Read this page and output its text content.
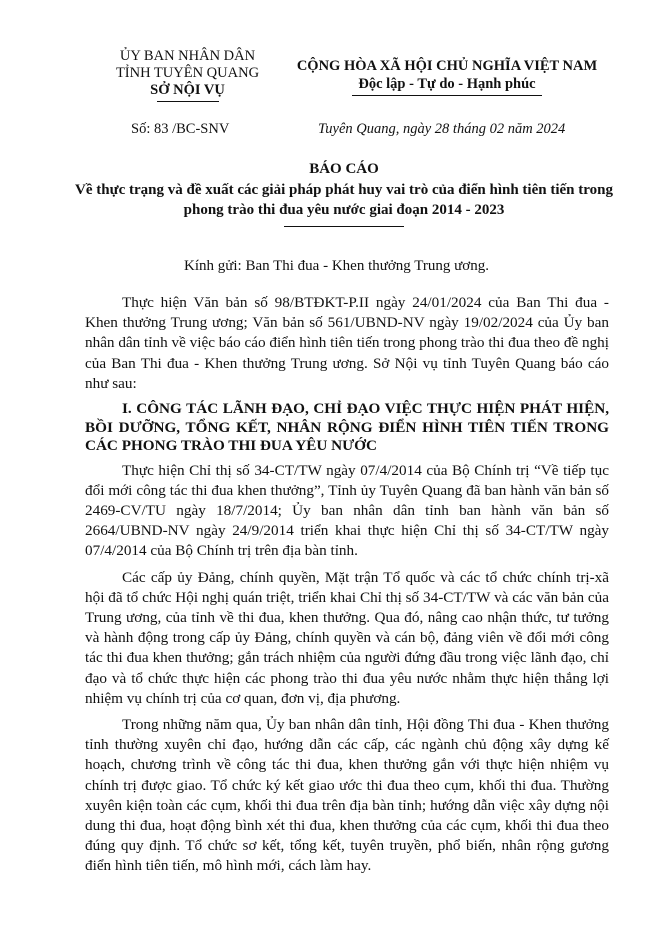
ỦY BAN NHÂN DÂN
TỈNH TUYÊN QUANG
SỞ NỘI VỤ
CỘNG HÒA XÃ HỘI CHỦ NGHĨA VIỆT NAM
Độc lập - Tự do - Hạnh phúc
Số: 83 /BC-SNV	Tuyên Quang, ngày 28 tháng 02 năm 2024
BÁO CÁO
Về thực trạng và đề xuất các giải pháp phát huy vai trò của điển hình tiên tiến trong phong trào thi đua yêu nước giai đoạn 2014 - 2023
Kính gửi: Ban Thi đua - Khen thưởng Trung ương.

Thực hiện Văn bản số 98/BTĐKT-P.II ngày 24/01/2024 của Ban Thi đua - Khen thưởng Trung ương; Văn bản số 561/UBND-NV ngày 19/02/2024 của Ủy ban nhân dân tỉnh về việc báo cáo điển hình tiên tiến trong phong trào thi đua theo đề nghị của Ban Thi đua - Khen thưởng Trung ương. Sở Nội vụ tỉnh Tuyên Quang báo cáo như sau:

I. CÔNG TÁC LÃNH ĐẠO, CHỈ ĐẠO VIỆC THỰC HIỆN PHÁT HIỆN, BỒI DƯỠNG, TỔNG KẾT, NHÂN RỘNG ĐIỂN HÌNH TIÊN TIẾN TRONG CÁC PHONG TRÀO THI ĐUA YÊU NƯỚC

Thực hiện Chỉ thị số 34-CT/TW ngày 07/4/2014 của Bộ Chính trị “Về tiếp tục đổi mới công tác thi đua khen thưởng”, Tỉnh ủy Tuyên Quang đã ban hành văn bản số 2469-CV/TU ngày 18/7/2014; Ủy ban nhân dân tỉnh ban hành văn bản số 2664/UBND-NV ngày 24/9/2014 triển khai thực hiện Chỉ thị số 34-CT/TW ngày 07/4/2014 của Bộ Chính trị trên địa bàn tỉnh.

Các cấp ủy Đảng, chính quyền, Mặt trận Tổ quốc và các tổ chức chính trị-xã hội đã tổ chức Hội nghị quán triệt, triển khai Chỉ thị số 34-CT/TW và các văn bản của Trung ương, của tỉnh về thi đua, khen thưởng. Qua đó, nâng cao nhận thức, tư tưởng và hành động trong cấp ủy Đảng, chính quyền và cán bộ, đảng viên về đổi mới công tác thi đua khen thưởng; gắn trách nhiệm của người đứng đầu trong việc lãnh đạo, chỉ đạo và tổ chức thực hiện các phong trào thi đua yêu nước nhằm thực hiện thắng lợi nhiệm vụ chính trị của cơ quan, đơn vị, địa phương.

Trong những năm qua, Ủy ban nhân dân tỉnh, Hội đồng Thi đua - Khen thưởng tỉnh thường xuyên chỉ đạo, hướng dẫn các cấp, các ngành chủ động xây dựng kế hoạch, chương trình về công tác thi đua, khen thưởng gắn với thực hiện nhiệm vụ chính trị được giao. Tổ chức ký kết giao ước thi đua theo cụm, khối thi đua. Thường xuyên kiện toàn các cụm, khối thi đua trên địa bàn tỉnh; hướng dẫn việc xây dựng nội dung thi đua, hoạt động bình xét thi đua, khen thưởng của các cụm, khối thi đua theo đúng quy định. Tổ chức sơ kết, tổng kết, tuyên truyền, phổ biến, nhân rộng gương điển hình tiên tiến, mô hình mới, cách làm hay.
